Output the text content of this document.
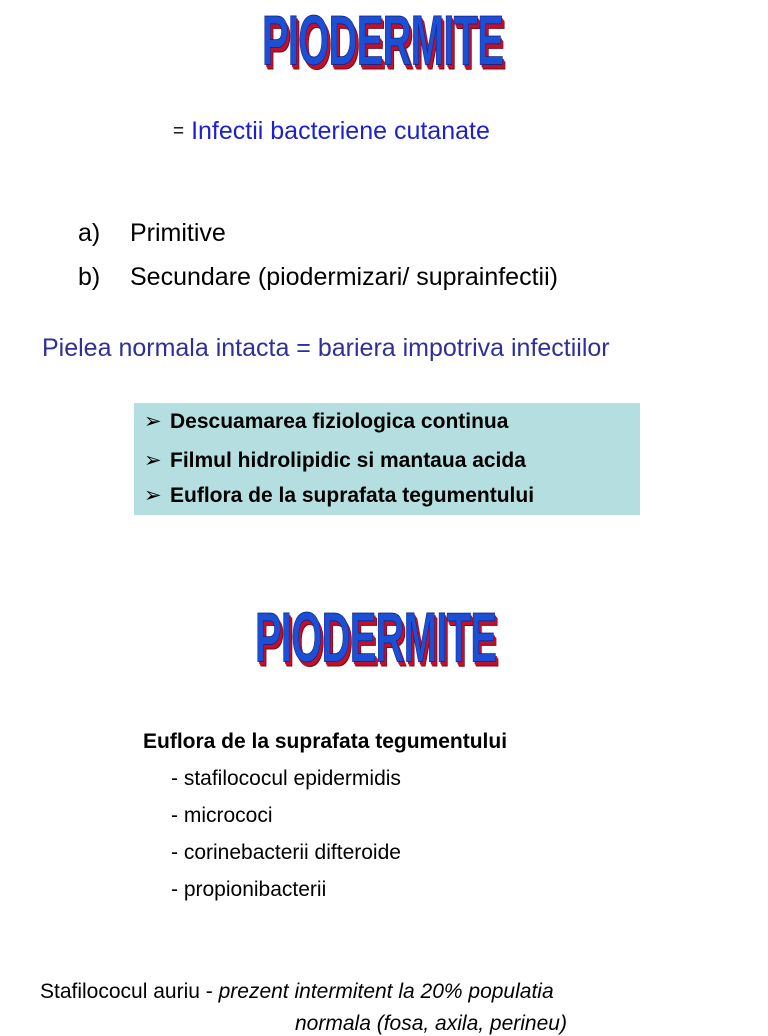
PIODERMITE

= Infectii bacteriene cutanate

a) Primitive

b) Secundare (piodermizari/ suprainfectii)

Pielea normala intacta = bariera impotriva infectiilor

➢ Descuamarea fiziologica continua
➢ Filmul hidrolipidic si mantaua acida
➢ Euflora de la suprafata tegumentului
PIODERMITE

Euflora de la suprafata tegumentului

- stafilococul epidermidis

- micrococi

- corinebacterii difteroide

- propionibacterii

Stafilococul auriu - prezent intermitent la 20% populatia

normala (fosa, axila, perineu)
